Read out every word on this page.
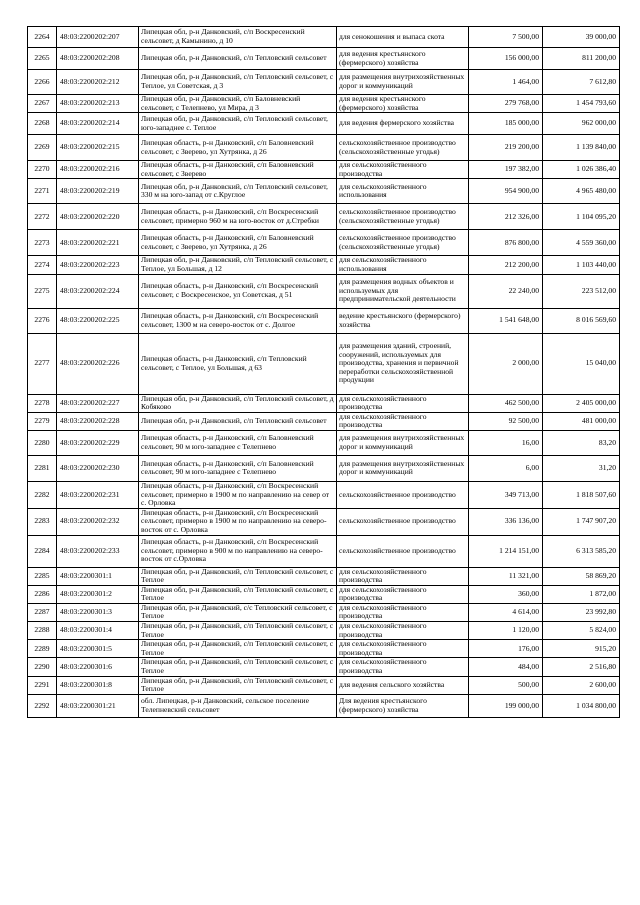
2264	48:03:2200202:207	Липецкая обл, р-н Данковский, с/п Воскресенский сельсовет, д Камынино, д 10	для сенокошения и выпаса скота	7 500,00	39 000,00
2265	48:03:2200202:208	Липецкая обл, р-н Данковский, с/п Тепловский сельсовет	для ведения крестьянского (фермерского) хозяйства	156 000,00	811 200,00
2266	48:03:2200202:212	Липецкая обл, р-н Данковский, с/п Тепловский сельсовет, с Теплое, ул Советская, д 3	для размещения внутрихозяйственных дорог и коммуникаций	1 464,00	7 612,80
2267	48:03:2200202:213	Липецкая обл, р-н Данковский, с/п Баловневский сельсовет, с Телепнево, ул Мира, д 3	для ведения крестьянского (фермерского) хозяйства	279 768,00	1 454 793,60
2268	48:03:2200202:214	Липецкая обл, р-н Данковский, с/п Тепловский сельсовет, юго-западнее с. Теплое	для ведения фермерского хозяйства	185 000,00	962 000,00
2269	48:03:2200202:215	Липецкая область, р-н Данковский, с/п Баловневский сельсовет, с Зверево, ул Хутрянка, д 26	сельскохозяйственное производство (сельскохозяйственные угодья)	219 200,00	1 139 840,00
2270	48:03:2200202:216	Липецкая область, р-н Данковский, с/п Баловневский сельсовет, с Зверево	для сельскохозяйственного производства	197 382,00	1 026 386,40
2271	48:03:2200202:219	Липецкая обл, р-н Данковский, с/п Тепловский сельсовет, 330 м на юго-запад от с.Круглое	для сельскохозяйственного использования	954 900,00	4 965 480,00
2272	48:03:2200202:220	Липецкая область, р-н Данковский, с/п Воскресенский сельсовет, примерно 960 м на юго-восток от д.Стребки	сельскохозяйственное производство (сельскохозяйственные угодья)	212 326,00	1 104 095,20
2273	48:03:2200202:221	Липецкая область, р-н Данковский, с/п Баловневский сельсовет, с Зверево, ул Хутрянка, д 26	сельскохозяйственное производство (сельскохозяйственные угодья)	876 800,00	4 559 360,00
2274	48:03:2200202:223	Липецкая обл, р-н Данковский, с/п Тепловский сельсовет, с Теплое, ул Большая, д 12	для сельскохозяйственного использования	212 200,00	1 103 440,00
2275	48:03:2200202:224	Липецкая область, р-н Данковский, с/п Воскресенский сельсовет, с Воскресенское, ул Советская, д 51	для размещения водных объектов и используемых для предпринимательской деятельности	22 240,00	223 512,00
2276	48:03:2200202:225	Липецкая область, р-н Данковский, с/п Воскресенский сельсовет, 1300 м на северо-восток от с. Долгое	ведение крестьянского (фермерского) хозяйства	1 541 648,00	8 016 569,60
2277	48:03:2200202:226	Липецкая область, р-н Данковский, с/п Тепловский сельсовет, с Теплое, ул Большая, д 63	для размещения зданий, строений, сооружений, используемых для производства, хранения и первичной переработки сельскохозяйственной продукции	2 000,00	15 040,00
2278	48:03:2200202:227	Липецкая обл, р-н Данковский, с/п Тепловский сельсовет, д Кобяково	для сельскохозяйственного производства	462 500,00	2 405 000,00
2279	48:03:2200202:228	Липецкая обл, р-н Данковский, с/п Тепловский сельсовет	для сельскохозяйственного производства	92 500,00	481 000,00
2280	48:03:2200202:229	Липецкая область, р-н Данковский, с/п Баловневский сельсовет, 90 м юго-западнее с Телепнево	для размещения внутрихозяйственных дорог и коммуникаций	16,00	83,20
2281	48:03:2200202:230	Липецкая область, р-н Данковский, с/п Баловневский сельсовет, 90 м юго-западнее с Телепнево	для размещения внутрихозяйственных дорог и коммуникаций	6,00	31,20
2282	48:03:2200202:231	Липецкая область, р-н Данковский, с/п Воскресенский сельсовет, примерно в 1900 м по направлению на север от с. Орловка	сельскохозяйственное производство	349 713,00	1 818 507,60
2283	48:03:2200202:232	Липецкая область, р-н Данковский, с/п Воскресенский сельсовет, примерно в 1900 м по направлению на северо-восток от с. Орловка	сельскохозяйственное производство	336 136,00	1 747 907,20
2284	48:03:2200202:233	Липецкая область, р-н Данковский, с/п Воскресенский сельсовет, примерно в 900 м по направлению на северо-восток от с.Орловка	сельскохозяйственное производство	1 214 151,00	6 313 585,20
2285	48:03:2200301:1	Липецкая обл, р-н Данковский, с/п Тепловский сельсовет, с Теплое	для сельскохозяйственного производства	11 321,00	58 869,20
2286	48:03:2200301:2	Липецкая обл, р-н Данковский, с/п Тепловский сельсовет, с Теплое	для сельскохозяйственного производства	360,00	1 872,00
2287	48:03:2200301:3	Липецкая обл, р-н Данковский, с/с Тепловский сельсовет, с Теплое	для сельскохозяйственного производства	4 614,00	23 992,80
2288	48:03:2200301:4	Липецкая обл, р-н Данковский, с/п Тепловский сельсовет, с Теплое	для сельскохозяйственного производства	1 120,00	5 824,00
2289	48:03:2200301:5	Липецкая обл, р-н Данковский, с/п Тепловский сельсовет, с Теплое	для сельскохозяйственного производства	176,00	915,20
2290	48:03:2200301:6	Липецкая обл, р-н Данковский, с/п Тепловский сельсовет, с Теплое	для сельскохозяйственного производства	484,00	2 516,80
2291	48:03:2200301:8	Липецкая обл, р-н Данковский, с/п Тепловский сельсовет, с Теплое	для ведения сельского хозяйства	500,00	2 600,00
2292	48:03:2200301:21	обл. Липецкая, р-н Данковский, сельское поселение Телепневский сельсовет	Для ведения крестьянского (фермерского) хозяйства	199 000,00	1 034 800,00
